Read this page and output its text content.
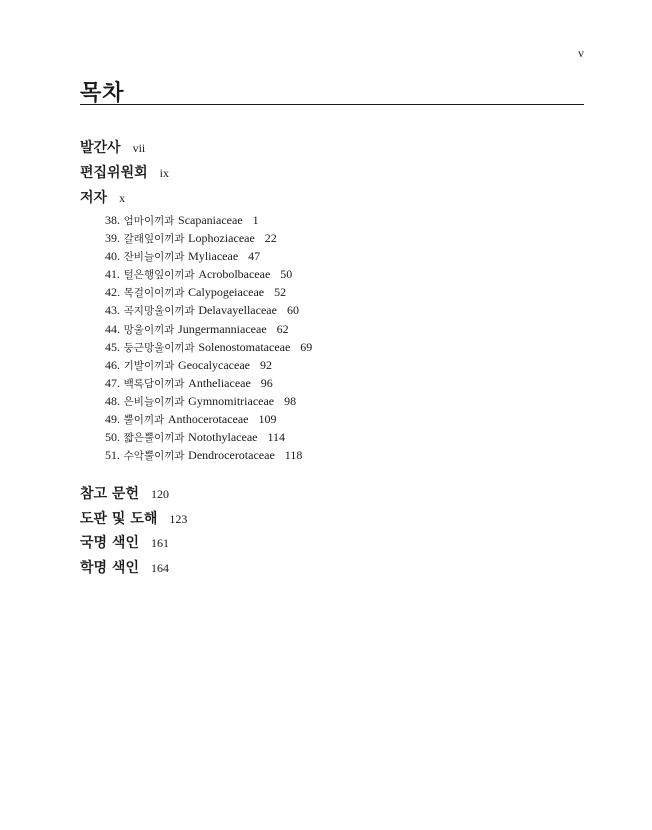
v
목차
발간사 vii
편집위원회 ix
저자 x
38. 엄마이끼과 Scapaniaceae 1
39. 갈래잎이끼과 Lophoziaceae 22
40. 잔비늘이끼과 Myliaceae 47
41. 털은행잎이끼과 Acrobolbaceae 50
42. 목걸이이끼과 Calypogeiaceae 52
43. 곡지망울이끼과 Delavayellaceae 60
44. 망울이끼과 Jungermanniaceae 62
45. 둥근망울이끼과 Solenostomataceae 69
46. 기발이끼과 Geocalycaceae 92
47. 백록담이끼과 Antheliaceae 96
48. 은비늘이끼과 Gymnomitriaceae 98
49. 뿔이끼과 Anthocerotaceae 109
50. 짧은뿔이끼과 Notothylaceae 114
51. 수악뿔이끼과 Dendrocerotaceae 118
참고 문헌 120
도판 및 도해 123
국명 색인 161
학명 색인 164
